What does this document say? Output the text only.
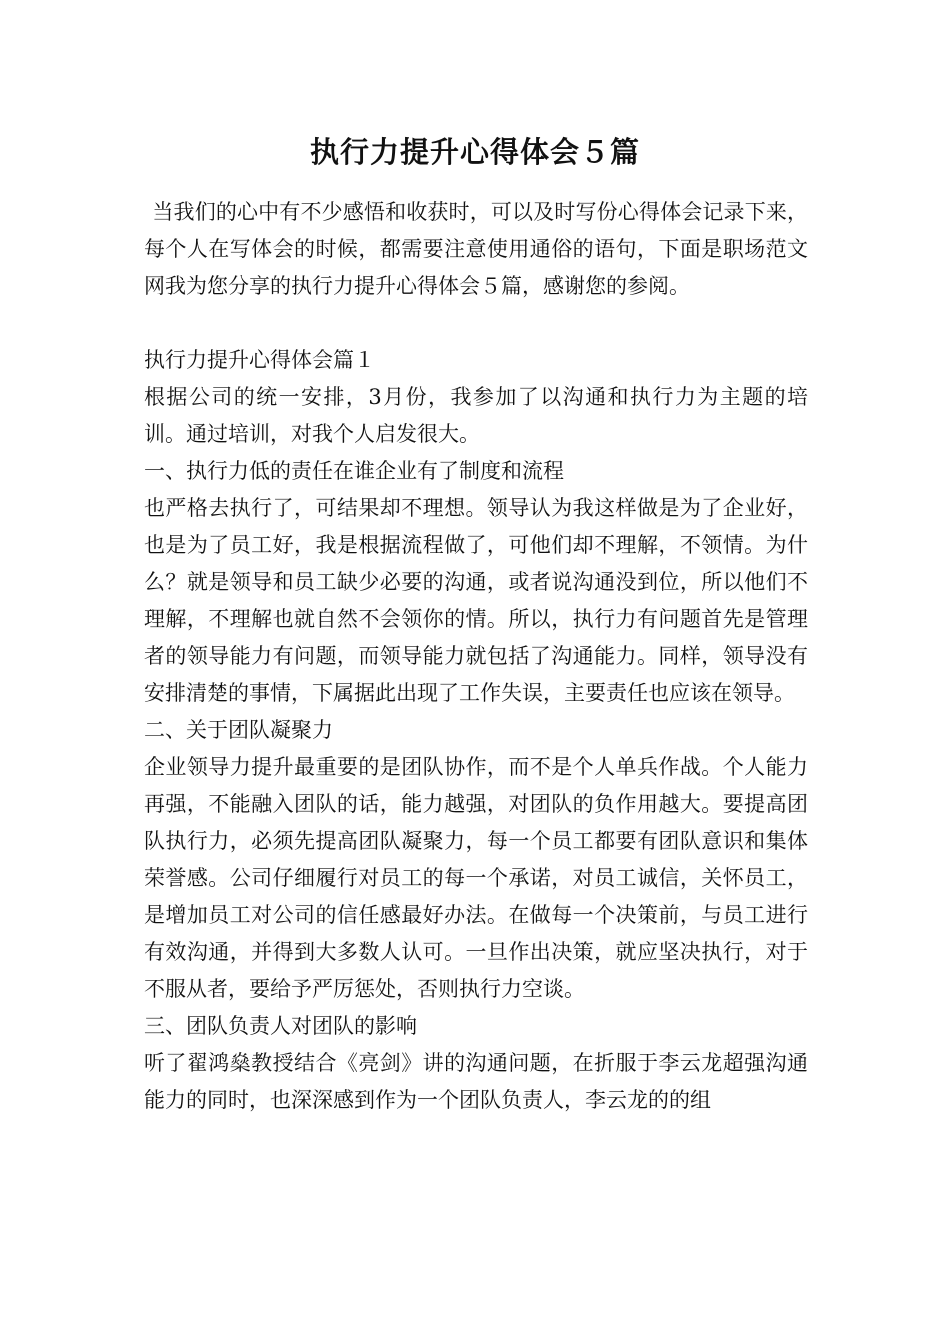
执行力提升心得体会５篇

当我们的心中有不少感悟和收获时，可以及时写份心得体会记录下来，每个人在写体会的时候，都需要注意使用通俗的语句，下面是职场范文网我为您分享的执行力提升心得体会５篇，感谢您的参阅。

执行力提升心得体会篇１

根据公司的统一安排，3月份，我参加了以沟通和执行力为主题的培训。通过培训，对我个人启发很大。

一、执行力低的责任在谁企业有了制度和流程

也严格去执行了，可结果却不理想。领导认为我这样做是为了企业好，也是为了员工好，我是根据流程做了，可他们却不理解，不领情。为什么？就是领导和员工缺少必要的沟通，或者说沟通没到位，所以他们不理解，不理解也就自然不会领你的情。所以，执行力有问题首先是管理者的领导能力有问题，而领导能力就包括了沟通能力。同样，领导没有安排清楚的事情，下属据此出现了工作失误，主要责任也应该在领导。

二、关于团队凝聚力

企业领导力提升最重要的是团队协作，而不是个人单兵作战。个人能力再强，不能融入团队的话，能力越强，对团队的负作用越大。要提高团队执行力，必须先提高团队凝聚力，每一个员工都要有团队意识和集体荣誉感。公司仔细履行对员工的每一个承诺，对员工诚信，关怀员工，是增加员工对公司的信任感最好办法。在做每一个决策前，与员工进行有效沟通，并得到大多数人认可。一旦作出决策，就应坚决执行，对于不服从者，要给予严厉惩处，否则执行力空谈。

三、团队负责人对团队的影响

听了翟鸿燊教授结合《亮剑》讲的沟通问题，在折服于李云龙超强沟通能力的同时，也深深感到作为一个团队负责人，李云龙的的组
